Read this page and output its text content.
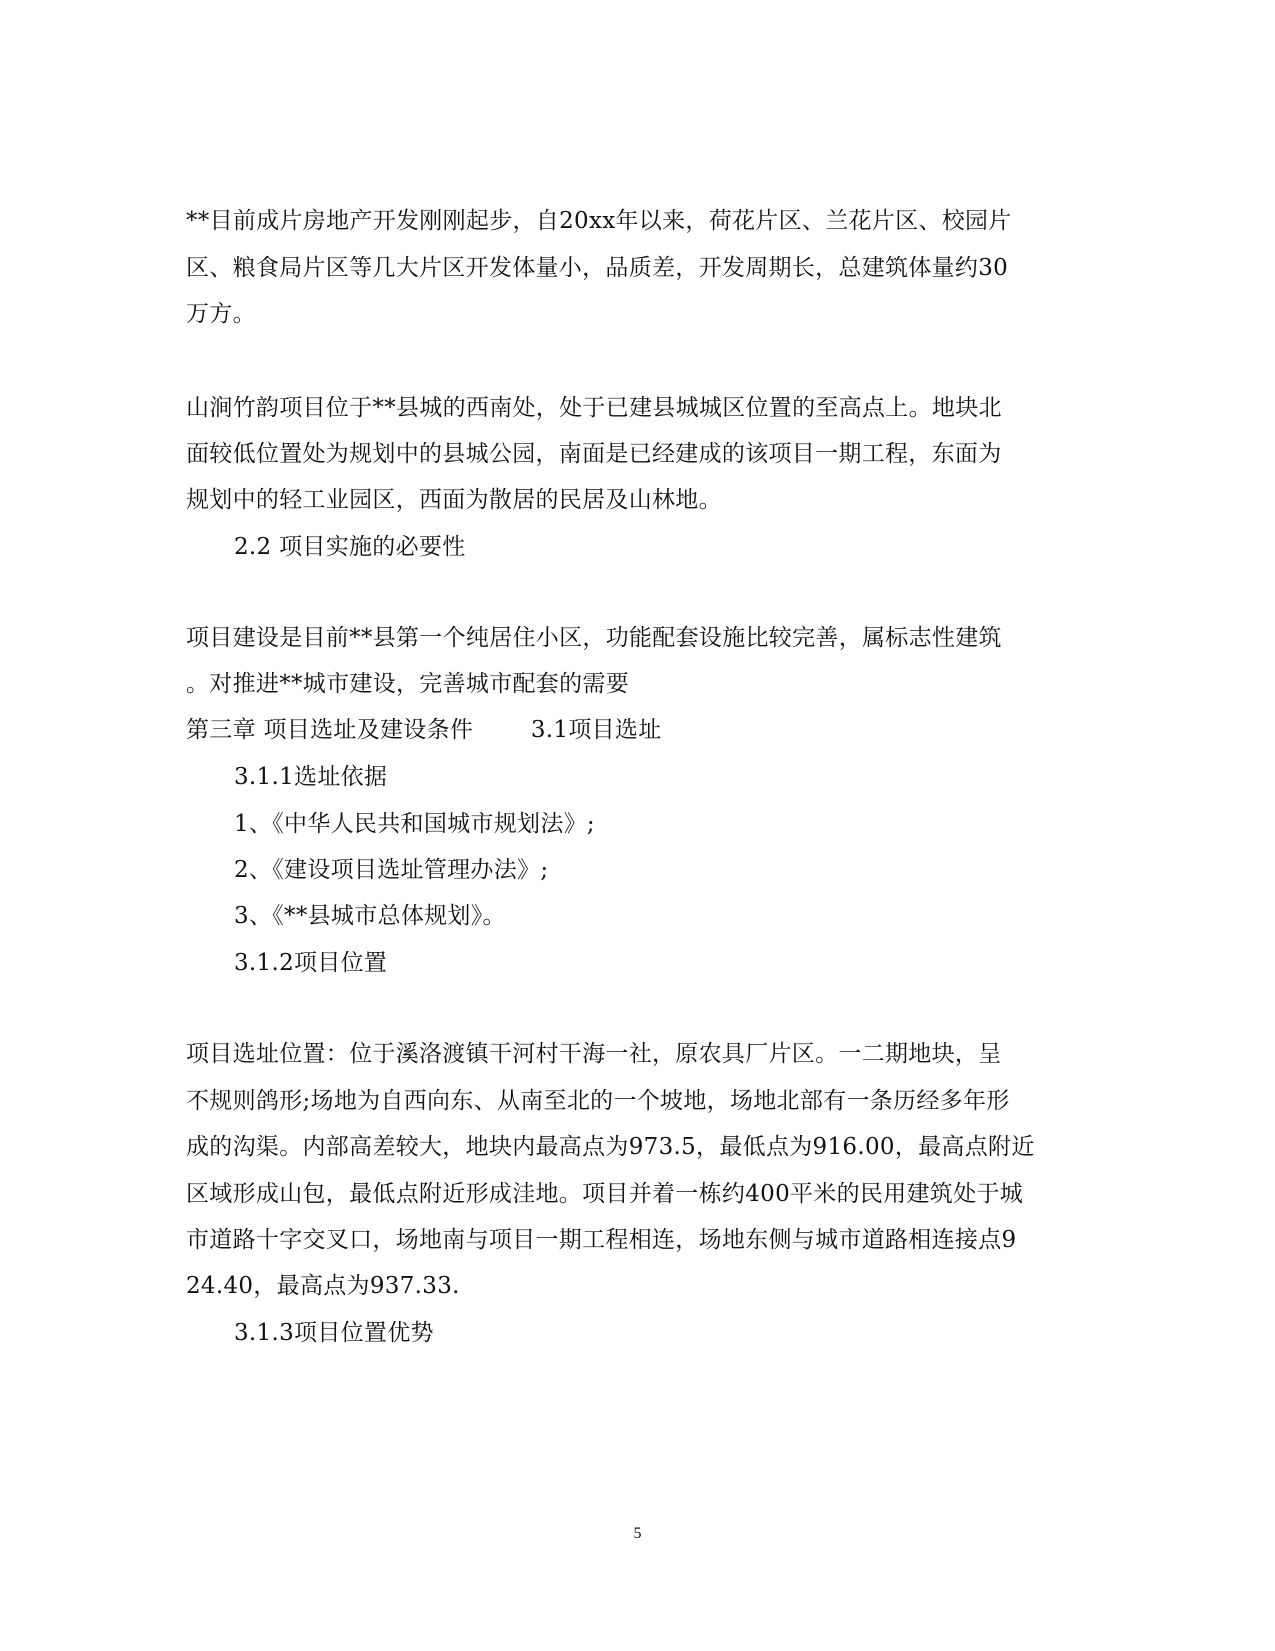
**目前成片房地产开发刚刚起步，自20xx年以来，荷花片区、兰花片区、校园片
区、粮食局片区等几大片区开发体量小，品质差，开发周期长，总建筑体量约30
万方。
山涧竹韵项目位于**县城的西南处，处于已建县城城区位置的至高点上。地块北
面较低位置处为规划中的县城公园，南面是已经建成的该项目一期工程，东面为
规划中的轻工业园区，西面为散居的民居及山林地。
2.2 项目实施的必要性
项目建设是目前**县第一个纯居住小区，功能配套设施比较完善，属标志性建筑
。对推进**城市建设，完善城市配套的需要
第三章 项目选址及建设条件	3.1项目选址
3.1.1选址依据
1、《中华人民共和国城市规划法》;
2、《建设项目选址管理办法》;
3、《**县城市总体规划》。
3.1.2项目位置
项目选址位置：位于溪洛渡镇干河村干海一社，原农具厂片区。一二期地块，呈
不规则鸽形;场地为自西向东、从南至北的一个坡地，场地北部有一条历经多年形
成的沟渠。内部高差较大，地块内最高点为973.5，最低点为916.00，最高点附近
区域形成山包，最低点附近形成洼地。项目并着一栋约400平米的民用建筑处于城
市道路十字交叉口，场地南与项目一期工程相连，场地东侧与城市道路相连接点9
24.40，最高点为937.33.
3.1.3项目位置优势
5
